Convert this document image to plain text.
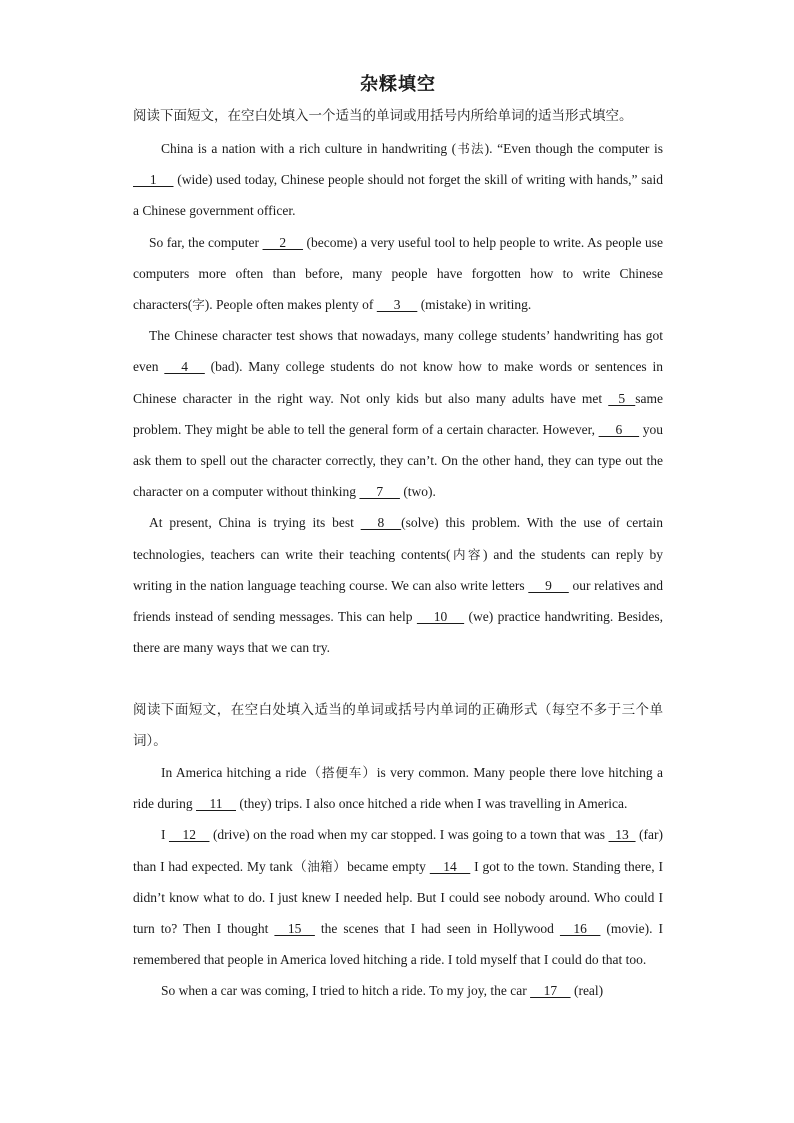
杂糅填空

阅读下面短文，在空白处填入一个适当的单词或用括号内所给单词的适当形式填空。

China is a nation with a rich culture in handwriting (书法). “Even though the computer is      1      (wide) used today, Chinese people should not forget the skill of writing with hands,” said a Chinese government officer.

So far, the computer      2      (become) a very useful tool to help people to write. As people use computers more often than before, many people have forgotten how to write Chinese characters(字). People often makes plenty of      3      (mistake) in writing.

The Chinese character test shows that nowadays, many college students’ handwriting has got even      4      (bad). Many college students do not know how to make words or sentences in Chinese character in the right way. Not only kids but also many adults have met    5   same problem. They might be able to tell the general form of a certain character. However,      6      you ask them to spell out the character correctly, they can’t. On the other hand, they can type out the character on a computer without thinking      7      (two).

At present, China is trying its best      8     (solve) this problem. With the use of certain technologies, teachers can write their teaching contents(内容) and the students can reply by writing in the nation language teaching course. We can also write letters      9      our relatives and friends instead of sending messages. This can help      10      (we) practice handwriting. Besides, there are many ways that we can try.

阅读下面短文，在空白处填入适当的单词或括号内单词的正确形式（每空不多于三个单词）。

In America hitching a ride（搭便车）is very common. Many people there love hitching a ride during     11     (they) trips. I also once hitched a ride when I was travelling in America.

I     12     (drive) on the road when my car stopped. I was going to a town that was   13   (far) than I had expected. My tank（油箱）became empty     14     I got to the town. Standing there, I didn’t know what to do. I just knew I needed help. But I could see nobody around. Who could I turn to? Then I thought     15     the scenes that I had seen in Hollywood     16     (movie). I remembered that people in America loved hitching a ride. I told myself that I could do that too.

So when a car was coming, I tried to hitch a ride. To my joy, the car     17     (real)
